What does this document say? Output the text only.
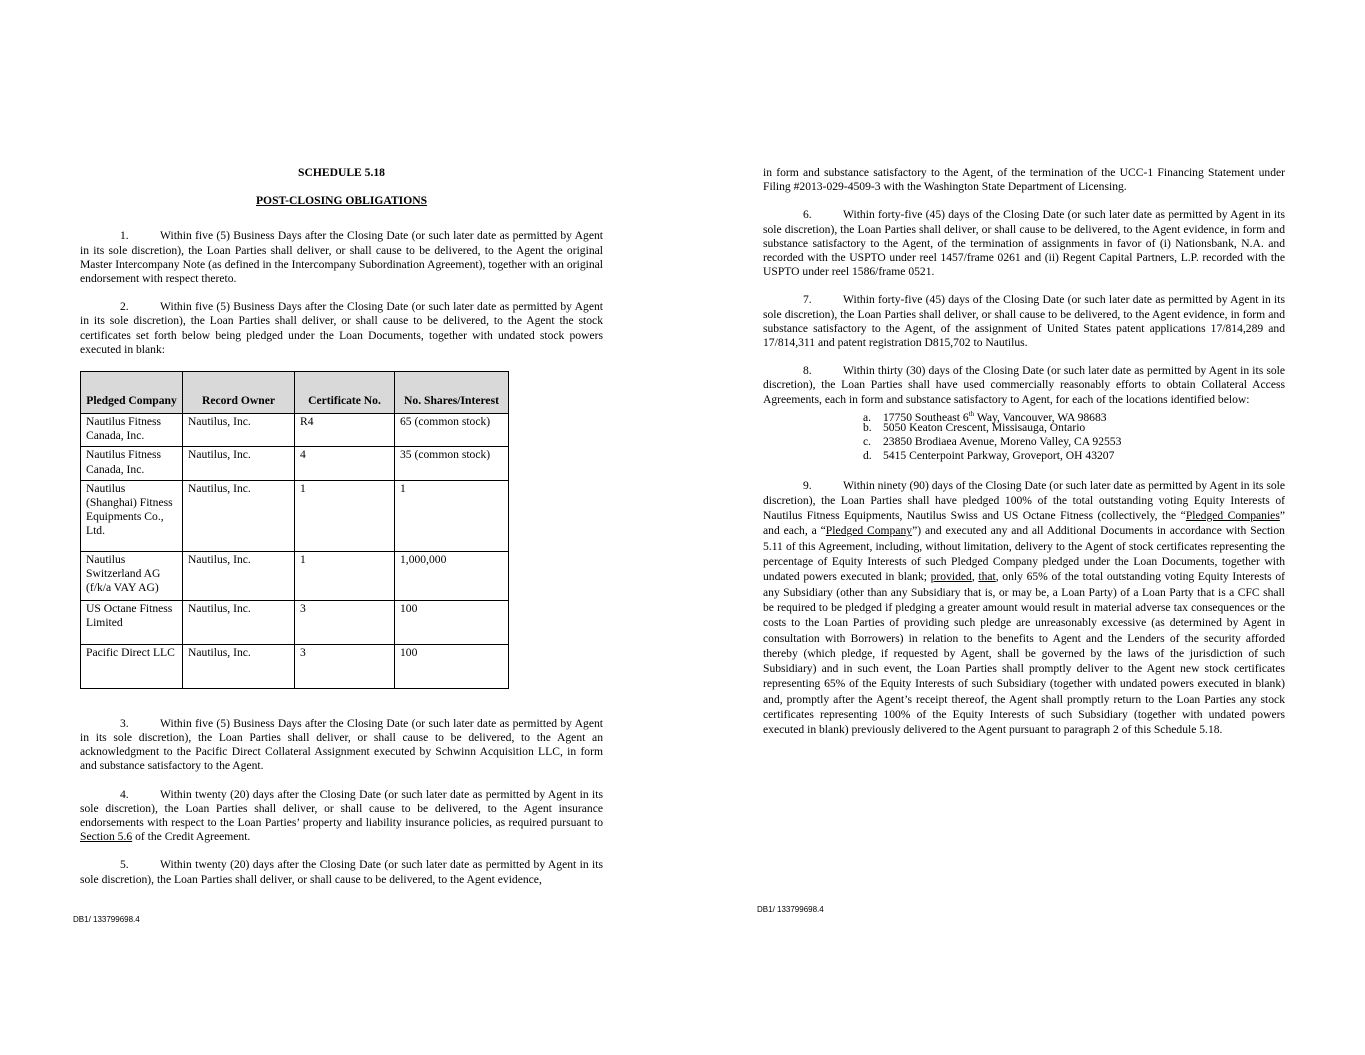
SCHEDULE 5.18
POST-CLOSING OBLIGATIONS
1.	Within five (5) Business Days after the Closing Date (or such later date as permitted by Agent in its sole discretion), the Loan Parties shall deliver, or shall cause to be delivered, to the Agent the original Master Intercompany Note (as defined in the Intercompany Subordination Agreement), together with an original endorsement with respect thereto.
2.	Within five (5) Business Days after the Closing Date (or such later date as permitted by Agent in its sole discretion), the Loan Parties shall deliver, or shall cause to be delivered, to the Agent the stock certificates set forth below being pledged under the Loan Documents, together with undated stock powers executed in blank:
Pledged Company	Record Owner	Certificate No.	No. Shares/Interest
Nautilus Fitness Canada, Inc.	Nautilus, Inc.	R4	65 (common stock)
Nautilus Fitness Canada, Inc.	Nautilus, Inc.	4	35 (common stock)
Nautilus (Shanghai) Fitness Equipments Co., Ltd.	Nautilus, Inc.	1	1
Nautilus Switzerland AG (f/k/a VAY AG)	Nautilus, Inc.	1	1,000,000
US Octane Fitness Limited	Nautilus, Inc.	3	100
Pacific Direct LLC	Nautilus, Inc.	3	100
3.	Within five (5) Business Days after the Closing Date (or such later date as permitted by Agent in its sole discretion), the Loan Parties shall deliver, or shall cause to be delivered, to the Agent an acknowledgment to the Pacific Direct Collateral Assignment executed by Schwinn Acquisition LLC, in form and substance satisfactory to the Agent.
4.	Within twenty (20) days after the Closing Date (or such later date as permitted by Agent in its sole discretion), the Loan Parties shall deliver, or shall cause to be delivered, to the Agent insurance endorsements with respect to the Loan Parties’ property and liability insurance policies, as required pursuant to Section 5.6 of the Credit Agreement.
5.	Within twenty (20) days after the Closing Date (or such later date as permitted by Agent in its sole discretion), the Loan Parties shall deliver, or shall cause to be delivered, to the Agent evidence,
DB1/ 133799698.4
in form and substance satisfactory to the Agent, of the termination of the UCC-1 Financing Statement under Filing #2013-029-4509-3 with the Washington State Department of Licensing.
6.	Within forty-five (45) days of the Closing Date (or such later date as permitted by Agent in its sole discretion), the Loan Parties shall deliver, or shall cause to be delivered, to the Agent evidence, in form and substance satisfactory to the Agent, of the termination of assignments in favor of (i) Nationsbank, N.A. and recorded with the USPTO under reel 1457/frame 0261 and (ii) Regent Capital Partners, L.P. recorded with the USPTO under reel 1586/frame 0521.
7.	Within forty-five (45) days of the Closing Date (or such later date as permitted by Agent in its sole discretion), the Loan Parties shall deliver, or shall cause to be delivered, to the Agent evidence, in form and substance satisfactory to the Agent, of the assignment of United States patent applications 17/814,289 and 17/814,311 and patent registration D815,702 to Nautilus.
8.	Within thirty (30) days of the Closing Date (or such later date as permitted by Agent in its sole discretion), the Loan Parties shall have used commercially reasonably efforts to obtain Collateral Access Agreements, each in form and substance satisfactory to Agent, for each of the locations identified below:
a. 17750 Southeast 6th Way, Vancouver, WA 98683
b. 5050 Keaton Crescent, Missisauga, Ontario
c. 23850 Brodiaea Avenue, Moreno Valley, CA 92553
d. 5415 Centerpoint Parkway, Groveport, OH 43207
9.	Within ninety (90) days of the Closing Date (or such later date as permitted by Agent in its sole discretion), the Loan Parties shall have pledged 100% of the total outstanding voting Equity Interests of Nautilus Fitness Equipments, Nautilus Swiss and US Octane Fitness (collectively, the “Pledged Companies” and each, a “Pledged Company”) and executed any and all Additional Documents in accordance with Section 5.11 of this Agreement, including, without limitation, delivery to the Agent of stock certificates representing the percentage of Equity Interests of such Pledged Company pledged under the Loan Documents, together with undated powers executed in blank; provided, that, only 65% of the total outstanding voting Equity Interests of any Subsidiary (other than any Subsidiary that is, or may be, a Loan Party) of a Loan Party that is a CFC shall be required to be pledged if pledging a greater amount would result in material adverse tax consequences or the costs to the Loan Parties of providing such pledge are unreasonably excessive (as determined by Agent in consultation with Borrowers) in relation to the benefits to Agent and the Lenders of the security afforded thereby (which pledge, if requested by Agent, shall be governed by the laws of the jurisdiction of such Subsidiary) and in such event, the Loan Parties shall promptly deliver to the Agent new stock certificates representing 65% of the Equity Interests of such Subsidiary (together with undated powers executed in blank) and, promptly after the Agent’s receipt thereof, the Agent shall promptly return to the Loan Parties any stock certificates representing 100% of the Equity Interests of such Subsidiary (together with undated powers executed in blank) previously delivered to the Agent pursuant to paragraph 2 of this Schedule 5.18.
DB1/ 133799698.4
